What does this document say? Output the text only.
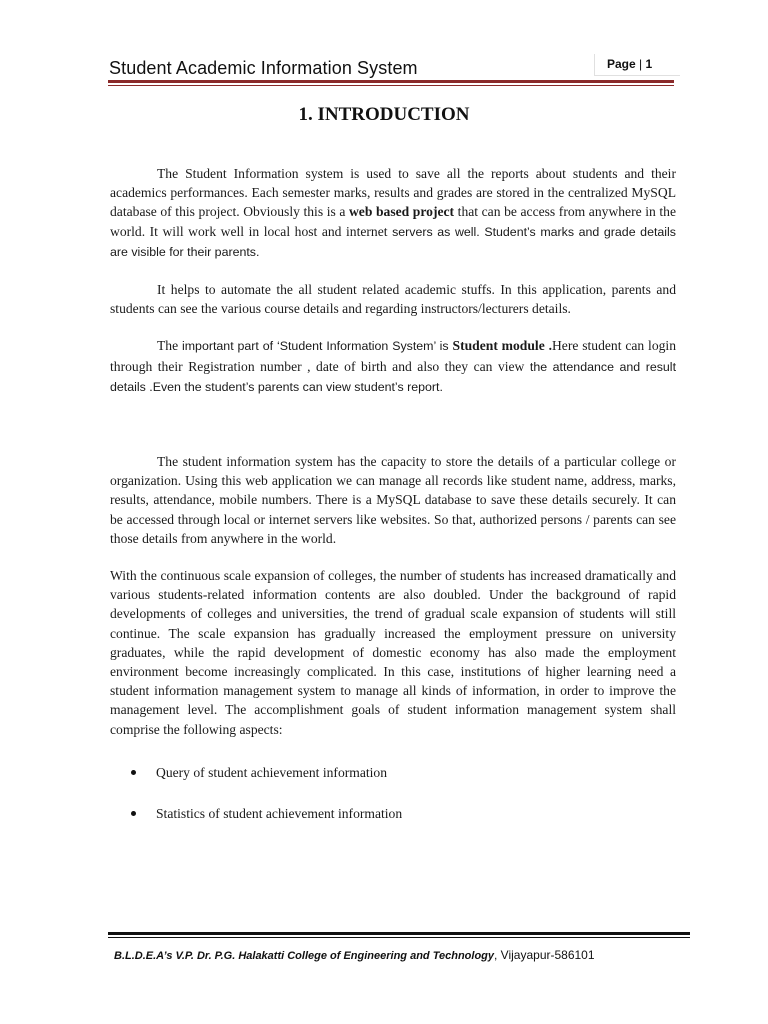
Student Academic Information System	Page | 1
1. INTRODUCTION

The Student Information system is used to save all the reports about students and their academics performances. Each semester marks, results and grades are stored in the centralized MySQL database of this project. Obviously this is a web based project that can be access from anywhere in the world. It will work well in local host and internet servers as well. Student’s marks and grade details are visible for their parents.

It helps to automate the all student related academic stuffs. In this application, parents and students can see the various course details and regarding instructors/lecturers details.

The important part of ‘Student Information System’ is Student module .Here student can login through their Registration number , date of birth and also they can view the attendance and result details .Even the student’s parents can view student’s report.

The student information system has the capacity to store the details of a particular college or organization. Using this web application we can manage all records like student name, address, marks, results, attendance, mobile numbers. There is a MySQL database to save these details securely. It can be accessed through local or internet servers like websites. So that, authorized persons / parents can see those details from anywhere in the world.

With the continuous scale expansion of colleges, the number of students has increased dramatically and various students-related information contents are also doubled. Under the background of rapid developments of colleges and universities, the trend of gradual scale expansion of students will still continue. The scale expansion has gradually increased the employment pressure on university graduates, while the rapid development of domestic economy has also made the employment environment become increasingly complicated. In this case, institutions of higher learning need a student information management system to manage all kinds of information, in order to improve the management level. The accomplishment goals of student information management system shall comprise the following aspects:

Query of student achievement information
Statistics of student achievement information
B.L.D.E.A’s V.P. Dr. P.G. Halakatti College of Engineering and Technology, Vijayapur-586101
